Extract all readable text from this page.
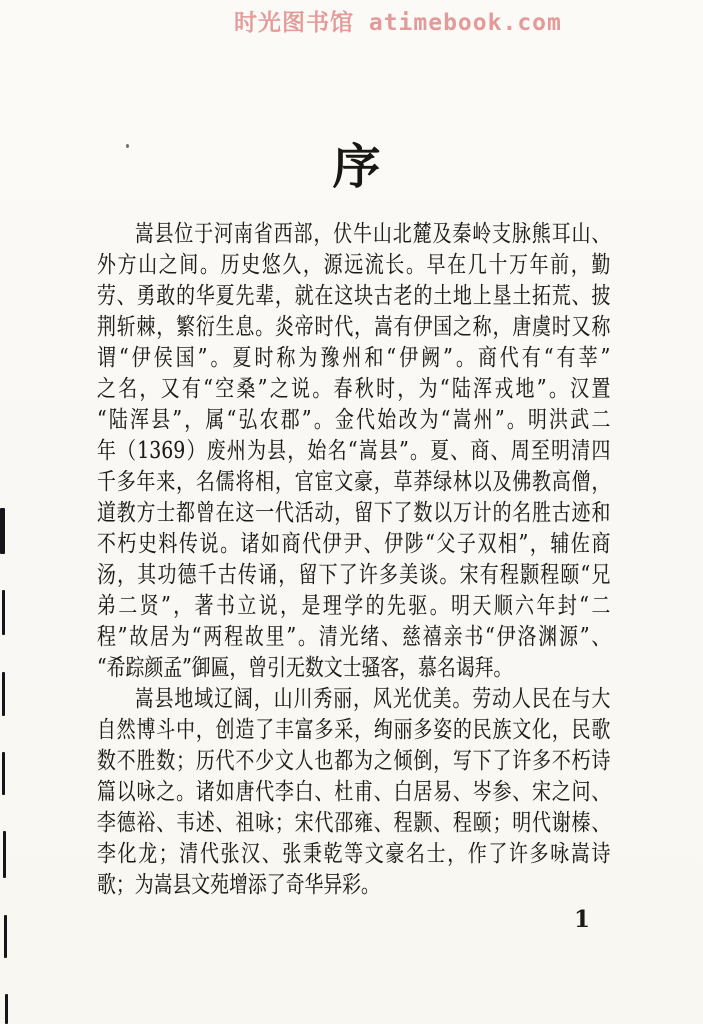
时光图书馆 atimebook.com
序
嵩县位于河南省西部，伏牛山北麓及秦岭支脉熊耳山、
外方山之间。历史悠久，源远流长。早在几十万年前，勤
劳、勇敢的华夏先辈，就在这块古老的土地上垦土拓荒、披
荆斩棘，繁衍生息。炎帝时代，嵩有伊国之称，唐虞时又称
谓“伊侯国”。夏时称为豫州和“伊阙”。商代有“有莘”
之名，又有“空桑”之说。春秋时，为“陆浑戎地”。汉置
“陆浑县”，属“弘农郡”。金代始改为“嵩州”。明洪武二
年（1369）废州为县，始名“嵩县”。夏、商、周至明清四
千多年来，名儒将相，官宦文豪，草莽绿林以及佛教高僧，
道教方士都曾在这一代活动，留下了数以万计的名胜古迹和
不朽史料传说。诸如商代伊尹、伊陟“父子双相”，辅佐商
汤，其功德千古传诵，留下了许多美谈。宋有程颢程颐“兄
弟二贤”，著书立说，是理学的先驱。明天顺六年封“二
程”故居为“两程故里”。清光绪、慈禧亲书“伊洛渊源”、
“希踪颜孟”御匾，曾引无数文士骚客，慕名谒拜。
嵩县地域辽阔，山川秀丽，风光优美。劳动人民在与大
自然博斗中，创造了丰富多采，绚丽多姿的民族文化，民歌
数不胜数；历代不少文人也都为之倾倒，写下了许多不朽诗
篇以咏之。诸如唐代李白、杜甫、白居易、岑参、宋之问、
李德裕、韦述、祖咏；宋代邵雍、程颢、程颐；明代谢榛、
李化龙；清代张汉、张秉乾等文豪名士，作了许多咏嵩诗
歌；为嵩县文苑增添了奇华异彩。
1
